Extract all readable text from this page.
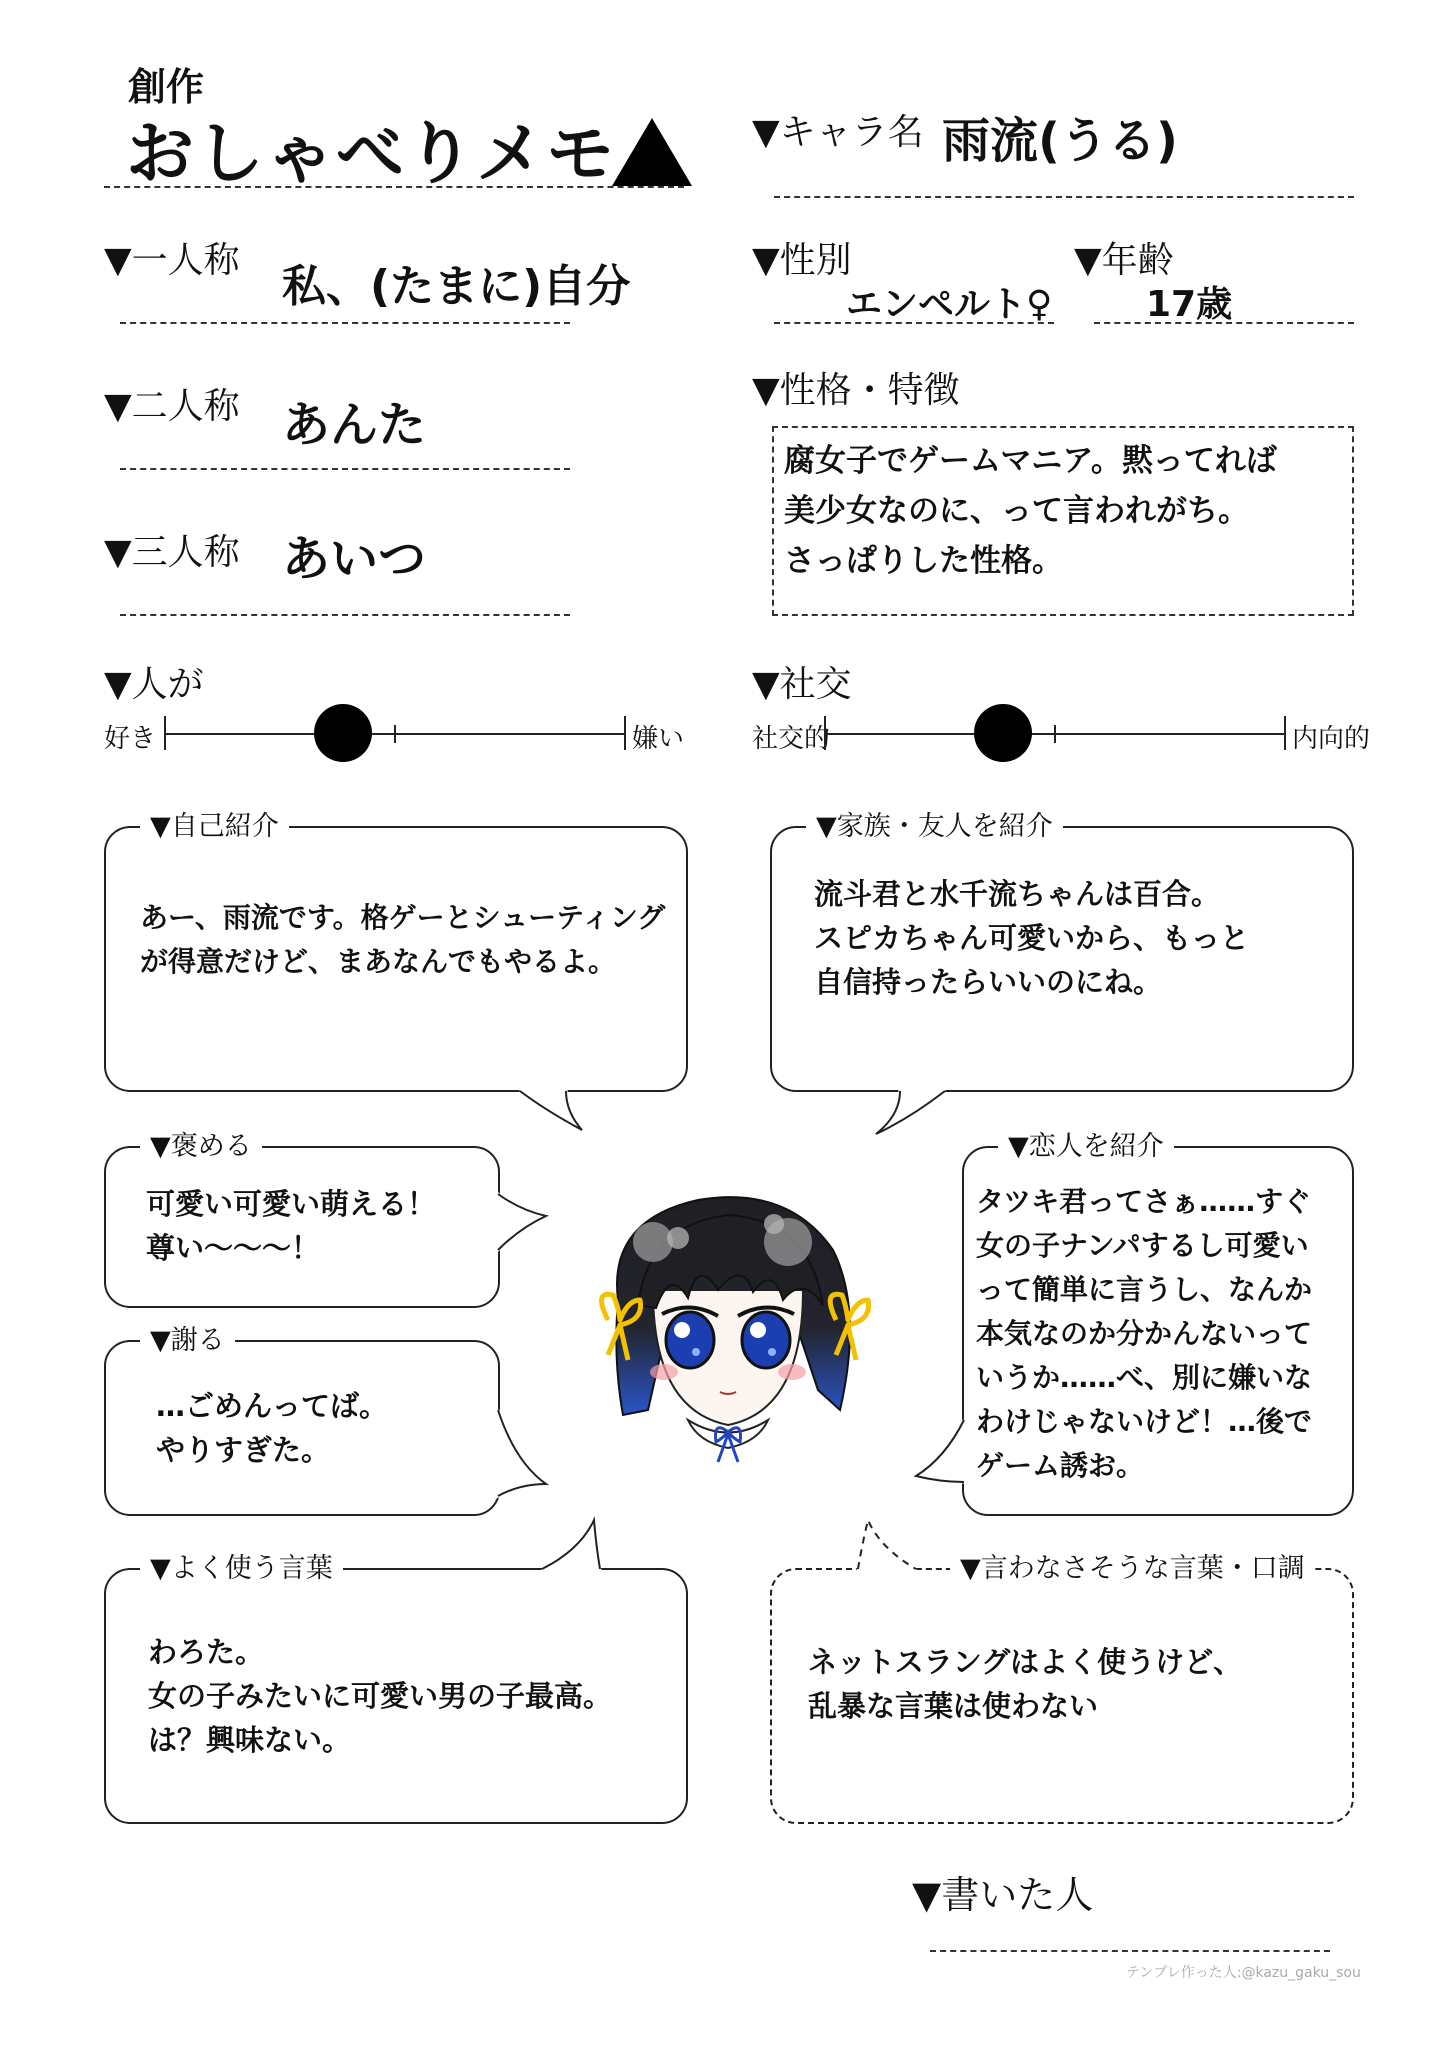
創作
おしゃべりメモ
▼一人称
私、(たまに)自分
▼二人称 あんた
▼三人称 あいつ
▼キャラ名 雨流(うる)
▼性別
エンペルト♀
▼年齢
17歳
▼性格・特徴
腐女子でゲームマニア。黙ってれば
美少女なのに、って言われがち。
さっぱりした性格。
▼人が
好き	嫌い
▼社交
社交的	内向的
▼自己紹介
あー、雨流です。格ゲーとシューティング
が得意だけど、まあなんでもやるよ。
▼家族・友人を紹介
流斗君と水千流ちゃんは百合。
スピカちゃん可愛いから、もっと
自信持ったらいいのにね。
▼褒める
可愛い可愛い萌える！
尊い〜〜〜！
▼謝る
…ごめんってば。
やりすぎた。
▼恋人を紹介
タツキ君ってさぁ……すぐ
女の子ナンパするし可愛い
って簡単に言うし、なんか
本気なのか分かんないって
いうか……べ、別に嫌いな
わけじゃないけど！…後で
ゲーム誘お。
▼よく使う言葉
わろた。
女の子みたいに可愛い男の子最高。
は？興味ない。
▼言わなさそうな言葉・口調
ネットスラングはよく使うけど、
乱暴な言葉は使わない
▼書いた人
テンプレ作った人:@kazu_gaku_sou
